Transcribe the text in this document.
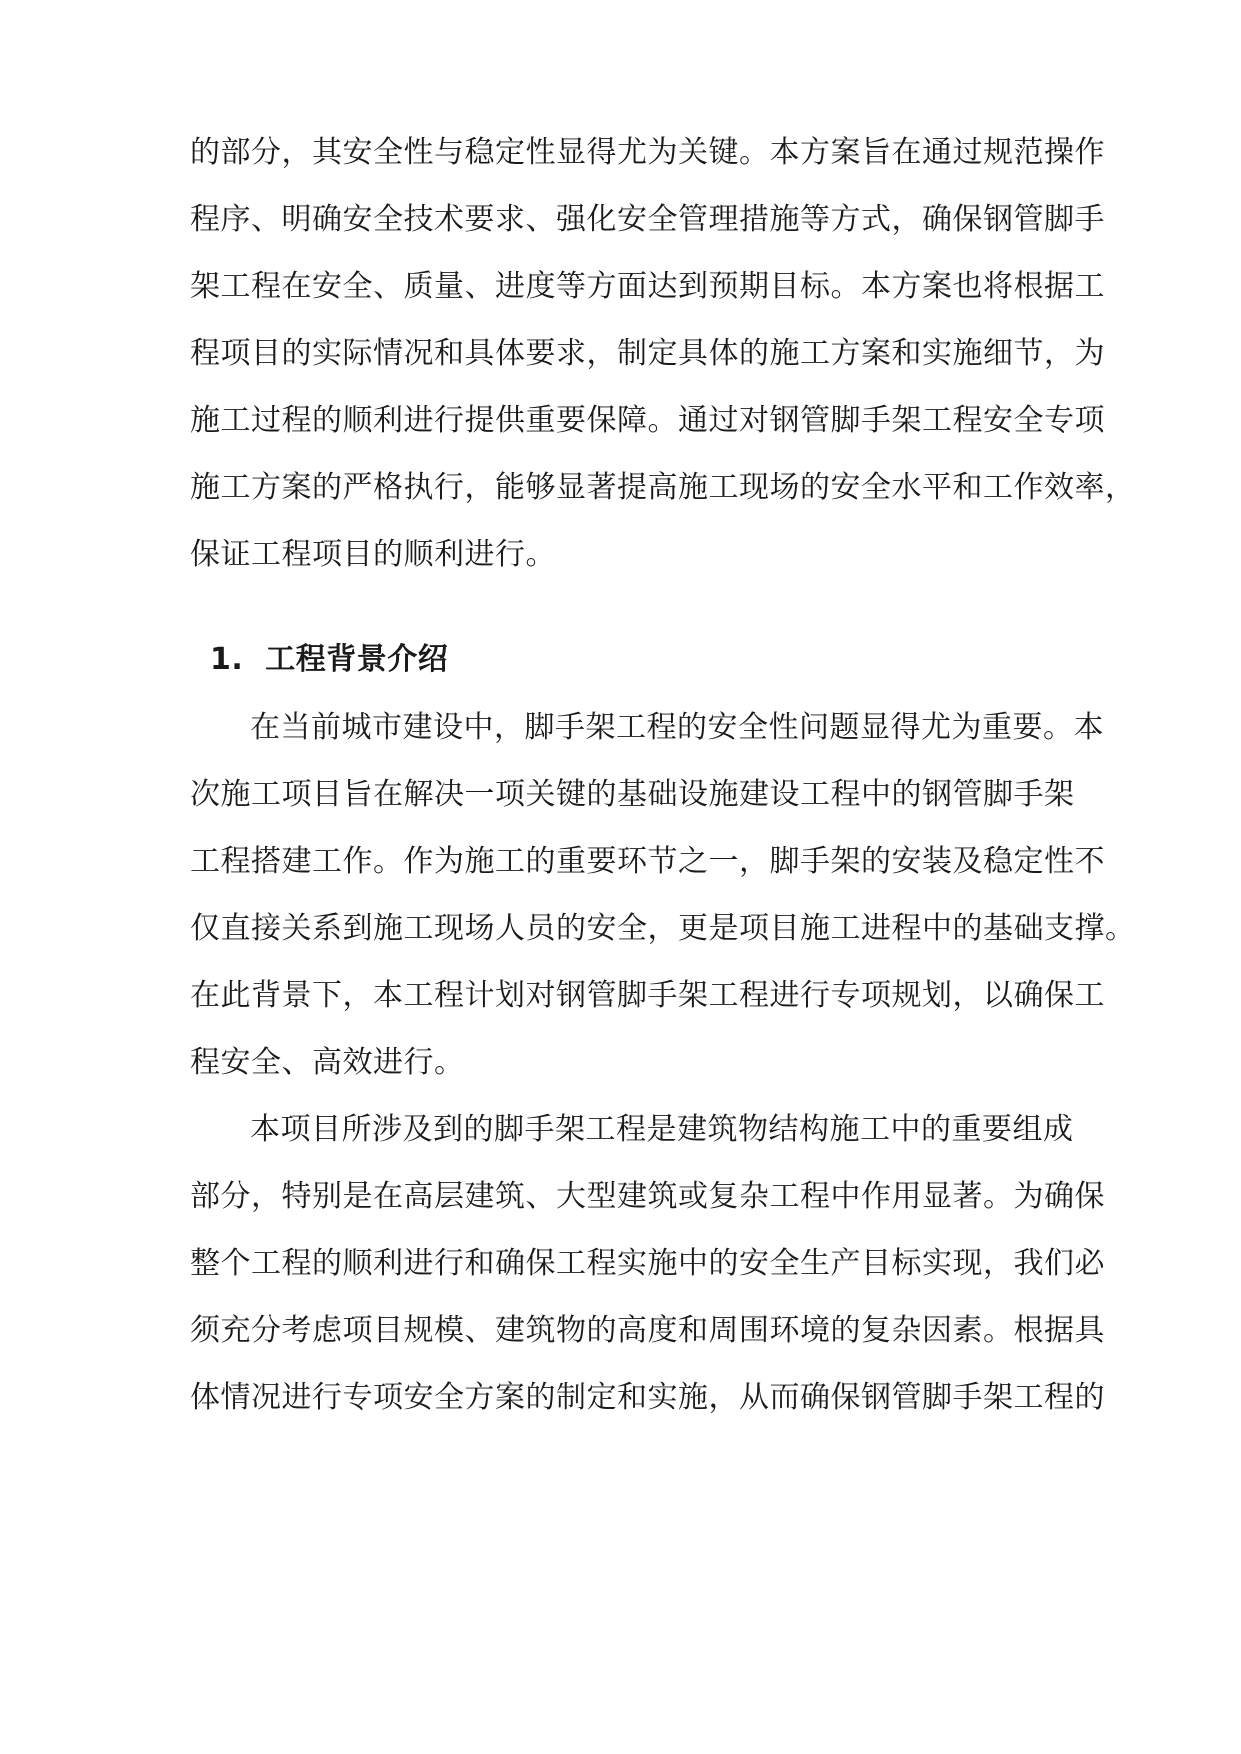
的部分，其安全性与稳定性显得尤为关键。本方案旨在通过规范操作
程序、明确安全技术要求、强化安全管理措施等方式，确保钢管脚手
架工程在安全、质量、进度等方面达到预期目标。本方案也将根据工
程项目的实际情况和具体要求，制定具体的施工方案和实施细节，为
施工过程的顺利进行提供重要保障。通过对钢管脚手架工程安全专项
施工方案的严格执行，能够显著提高施工现场的安全水平和工作效率，
保证工程项目的顺利进行。
1. 工程背景介绍
在当前城市建设中，脚手架工程的安全性问题显得尤为重要。本
次施工项目旨在解决一项关键的基础设施建设工程中的钢管脚手架
工程搭建工作。作为施工的重要环节之一，脚手架的安装及稳定性不
仅直接关系到施工现场人员的安全，更是项目施工进程中的基础支撑。
在此背景下，本工程计划对钢管脚手架工程进行专项规划，以确保工
程安全、高效进行。
本项目所涉及到的脚手架工程是建筑物结构施工中的重要组成
部分，特别是在高层建筑、大型建筑或复杂工程中作用显著。为确保
整个工程的顺利进行和确保工程实施中的安全生产目标实现，我们必
须充分考虑项目规模、建筑物的高度和周围环境的复杂因素。根据具
体情况进行专项安全方案的制定和实施，从而确保钢管脚手架工程的
